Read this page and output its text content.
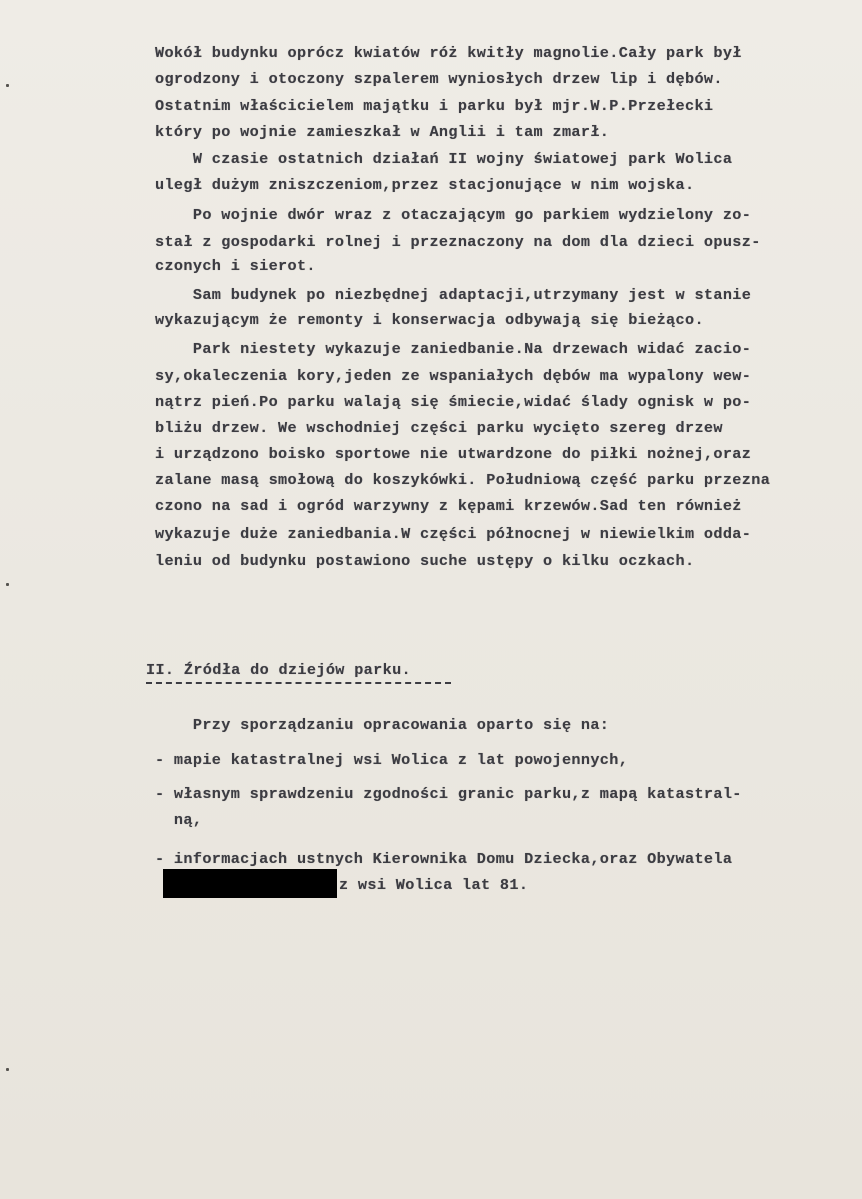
Wokół budynku oprócz kwiatów róż kwitły magnolie.Cały park był
ogrodzony i otoczony szpalerem wyniosłych drzew lip i dębów.
Ostatnim właścicielem majątku i parku był mjr.W.P.Przełecki
który po wojnie zamieszkał w Anglii i tam zmarł.
W czasie ostatnich działań II wojny światowej park Wolica
uległ dużym zniszczeniom,przez stacjonujące w nim wojska.
Po wojnie dwór wraz z otaczającym go parkiem wydzielony zo-
stał z gospodarki rolnej i przeznaczony na dom dla dzieci opusz-
czonych i sierot.
Sam budynek po niezbędnej adaptacji,utrzymany jest w stanie
wykazującym że remonty i konserwacja odbywają się bieżąco.
Park niestety wykazuje zaniedbanie.Na drzewach widać zacio-
sy,okaleczenia kory,jeden ze wspaniałych dębów ma wypalony wew-
nątrz pień.Po parku walają się śmiecie,widać ślady ognisk w po-
bliżu drzew. We wschodniej części parku wycięto szereg drzew
i urządzono boisko sportowe nie utwardzone do piłki nożnej,oraz
zalane masą smołową do koszykówki. Południową część parku przezna
czono na sad i ogród warzywny z kępami krzewów.Sad ten również
wykazuje duże zaniedbania.W części północnej w niewielkim odda-
leniu od budynku postawiono suche ustępy o kilku oczkach.
II. Źródła do dziejów parku.
Przy sporządzaniu opracowania oparto się na:
- mapie katastralnej wsi Wolica z lat powojennych,
- własnym sprawdzeniu zgodności granic parku,z mapą katastral-
ną,
- informacjach ustnych Kierownika Domu Dziecka,oraz Obywatela
z wsi Wolica lat 81.
